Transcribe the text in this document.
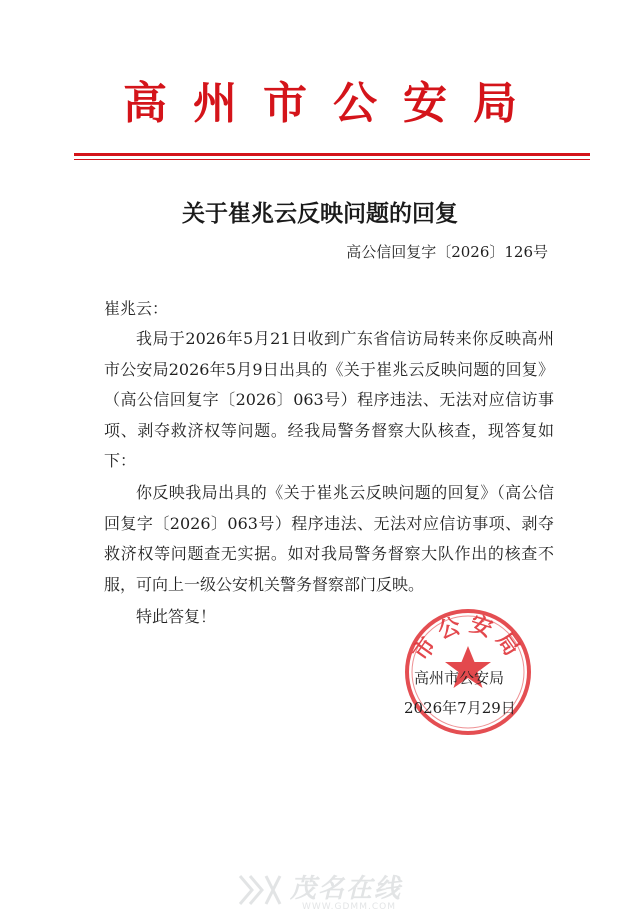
高州市公安局
关于崔兆云反映问题的回复
高公信回复字〔2026〕126号
崔兆云：

我局于2026年5月21日收到广东省信访局转来你反映高州市公安局2026年5月9日出具的《关于崔兆云反映问题的回复》（高公信回复字〔2026〕063号）程序违法、无法对应信访事项、剥夺救济权等问题。经我局警务督察大队核查，现答复如下：

你反映我局出具的《关于崔兆云反映问题的回复》（高公信回复字〔2026〕063号）程序违法、无法对应信访事项、剥夺救济权等问题查无实据。如对我局警务督察大队作出的核查不服，可向上一级公安机关警务督察部门反映。

特此答复！

市公安局
高州市公安局
2026年7月29日
茂名在线
WWW.GDMM.COM
